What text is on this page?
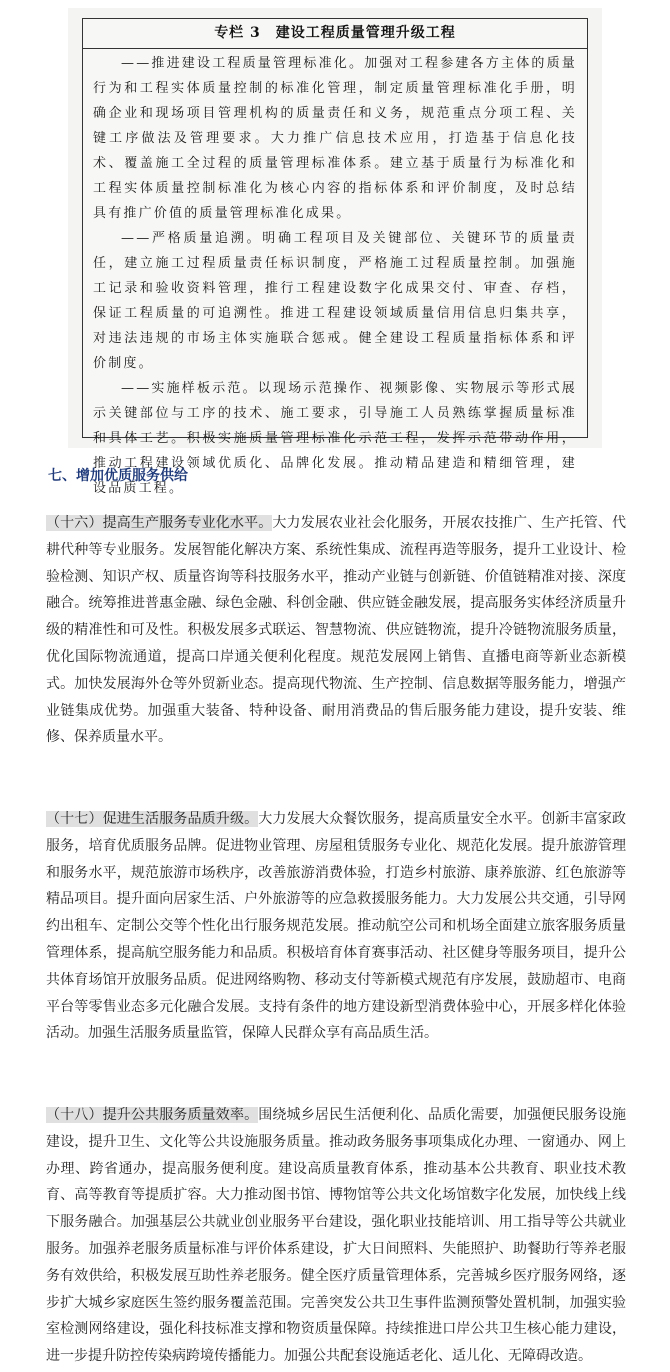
专栏 3　建设工程质量管理升级工程

——推进建设工程质量管理标准化。加强对工程参建各方主体的质量行为和工程实体质量控制的标准化管理，制定质量管理标准化手册，明确企业和现场项目管理机构的质量责任和义务，规范重点分项工程、关键工序做法及管理要求。大力推广信息技术应用，打造基于信息化技术、覆盖施工全过程的质量管理标准体系。建立基于质量行为标准化和工程实体质量控制标准化为核心内容的指标体系和评价制度，及时总结具有推广价值的质量管理标准化成果。

——严格质量追溯。明确工程项目及关键部位、关键环节的质量责任，建立施工过程质量责任标识制度，严格施工过程质量控制。加强施工记录和验收资料管理，推行工程建设数字化成果交付、审查、存档，保证工程质量的可追溯性。推进工程建设领域质量信用信息归集共享，对违法违规的市场主体实施联合惩戒。健全建设工程质量指标体系和评价制度。

——实施样板示范。以现场示范操作、视频影像、实物展示等形式展示关键部位与工序的技术、施工要求，引导施工人员熟练掌握质量标准和具体工艺。积极实施质量管理标准化示范工程，发挥示范带动作用，推动工程建设领域优质化、品牌化发展。推动精品建造和精细管理，建设品质工程。

七、增加优质服务供给

（十六）提高生产服务专业化水平。大力发展农业社会化服务，开展农技推广、生产托管、代耕代种等专业服务。发展智能化解决方案、系统性集成、流程再造等服务，提升工业设计、检验检测、知识产权、质量咨询等科技服务水平，推动产业链与创新链、价值链精准对接、深度融合。统筹推进普惠金融、绿色金融、科创金融、供应链金融发展，提高服务实体经济质量升级的精准性和可及性。积极发展多式联运、智慧物流、供应链物流，提升冷链物流服务质量，优化国际物流通道，提高口岸通关便利化程度。规范发展网上销售、直播电商等新业态新模式。加快发展海外仓等外贸新业态。提高现代物流、生产控制、信息数据等服务能力，增强产业链集成优势。加强重大装备、特种设备、耐用消费品的售后服务能力建设，提升安装、维修、保养质量水平。

（十七）促进生活服务品质升级。大力发展大众餐饮服务，提高质量安全水平。创新丰富家政服务，培育优质服务品牌。促进物业管理、房屋租赁服务专业化、规范化发展。提升旅游管理和服务水平，规范旅游市场秩序，改善旅游消费体验，打造乡村旅游、康养旅游、红色旅游等精品项目。提升面向居家生活、户外旅游等的应急救援服务能力。大力发展公共交通，引导网约出租车、定制公交等个性化出行服务规范发展。推动航空公司和机场全面建立旅客服务质量管理体系，提高航空服务能力和品质。积极培育体育赛事活动、社区健身等服务项目，提升公共体育场馆开放服务品质。促进网络购物、移动支付等新模式规范有序发展，鼓励超市、电商平台等零售业态多元化融合发展。支持有条件的地方建设新型消费体验中心，开展多样化体验活动。加强生活服务质量监管，保障人民群众享有高品质生活。

（十八）提升公共服务质量效率。围绕城乡居民生活便利化、品质化需要，加强便民服务设施建设，提升卫生、文化等公共设施服务质量。推动政务服务事项集成化办理、一窗通办、网上办理、跨省通办，提高服务便利度。建设高质量教育体系，推动基本公共教育、职业技术教育、高等教育等提质扩容。大力推动图书馆、博物馆等公共文化场馆数字化发展，加快线上线下服务融合。加强基层公共就业创业服务平台建设，强化职业技能培训、用工指导等公共就业服务。加强养老服务质量标准与评价体系建设，扩大日间照料、失能照护、助餐助行等养老服务有效供给，积极发展互助性养老服务。健全医疗质量管理体系，完善城乡医疗服务网络，逐步扩大城乡家庭医生签约服务覆盖范围。完善突发公共卫生事件监测预警处置机制，加强实验室检测网络建设，强化科技标准支撑和物资质量保障。持续推进口岸公共卫生核心能力建设，进一步提升防控传染病跨境传播能力。加强公共配套设施适老化、适儿化、无障碍改造。
